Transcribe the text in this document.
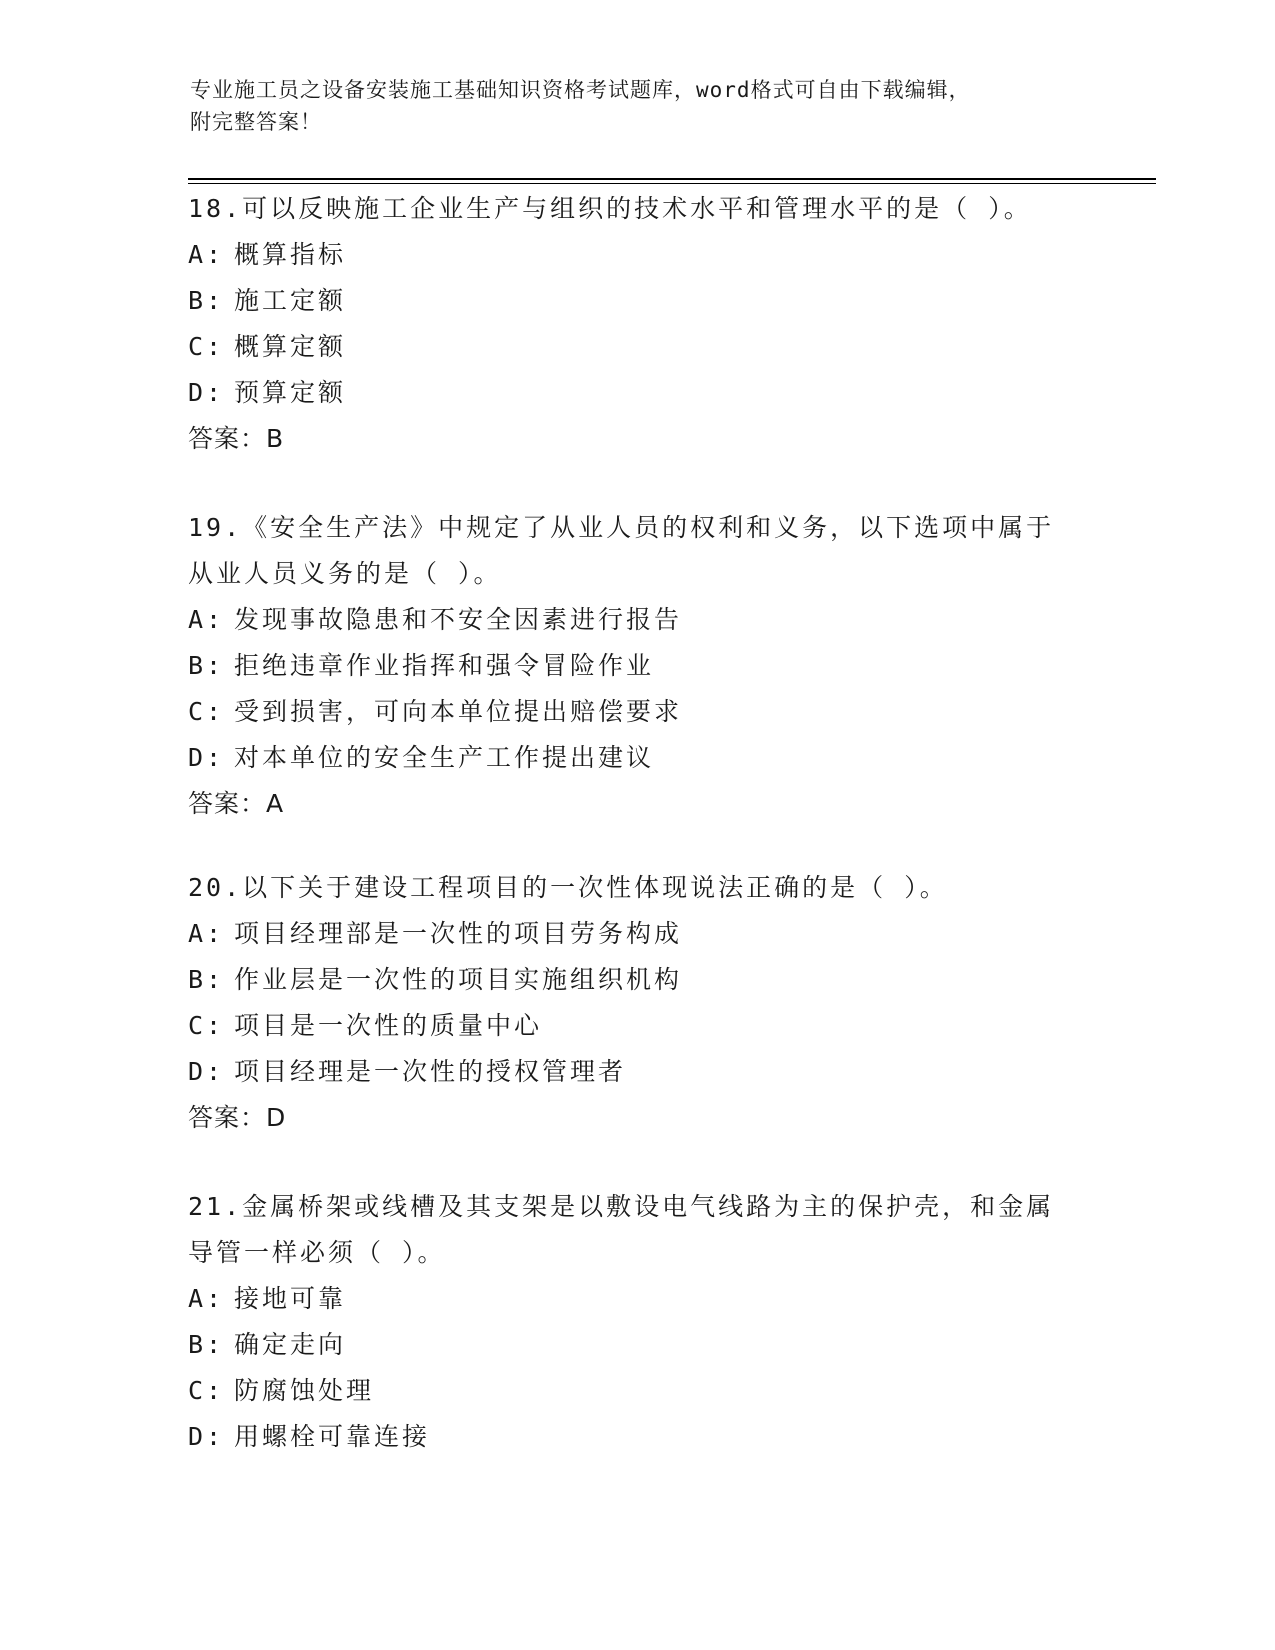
专业施工员之设备安装施工基础知识资格考试题库，word格式可自由下载编辑，

附完整答案！

18.可以反映施工企业生产与组织的技术水平和管理水平的是（ ）。

A: 概算指标

B: 施工定额

C: 概算定额

D: 预算定额

答案：B

19.《安全生产法》中规定了从业人员的权利和义务，以下选项中属于

从业人员义务的是（ ）。

A: 发现事故隐患和不安全因素进行报告

B: 拒绝违章作业指挥和强令冒险作业

C: 受到损害，可向本单位提出赔偿要求

D: 对本单位的安全生产工作提出建议

答案：A

20.以下关于建设工程项目的一次性体现说法正确的是（ ）。

A: 项目经理部是一次性的项目劳务构成

B: 作业层是一次性的项目实施组织机构

C: 项目是一次性的质量中心

D: 项目经理是一次性的授权管理者

答案：D

21.金属桥架或线槽及其支架是以敷设电气线路为主的保护壳，和金属

导管一样必须（ ）。

A: 接地可靠

B: 确定走向

C: 防腐蚀处理

D: 用螺栓可靠连接
